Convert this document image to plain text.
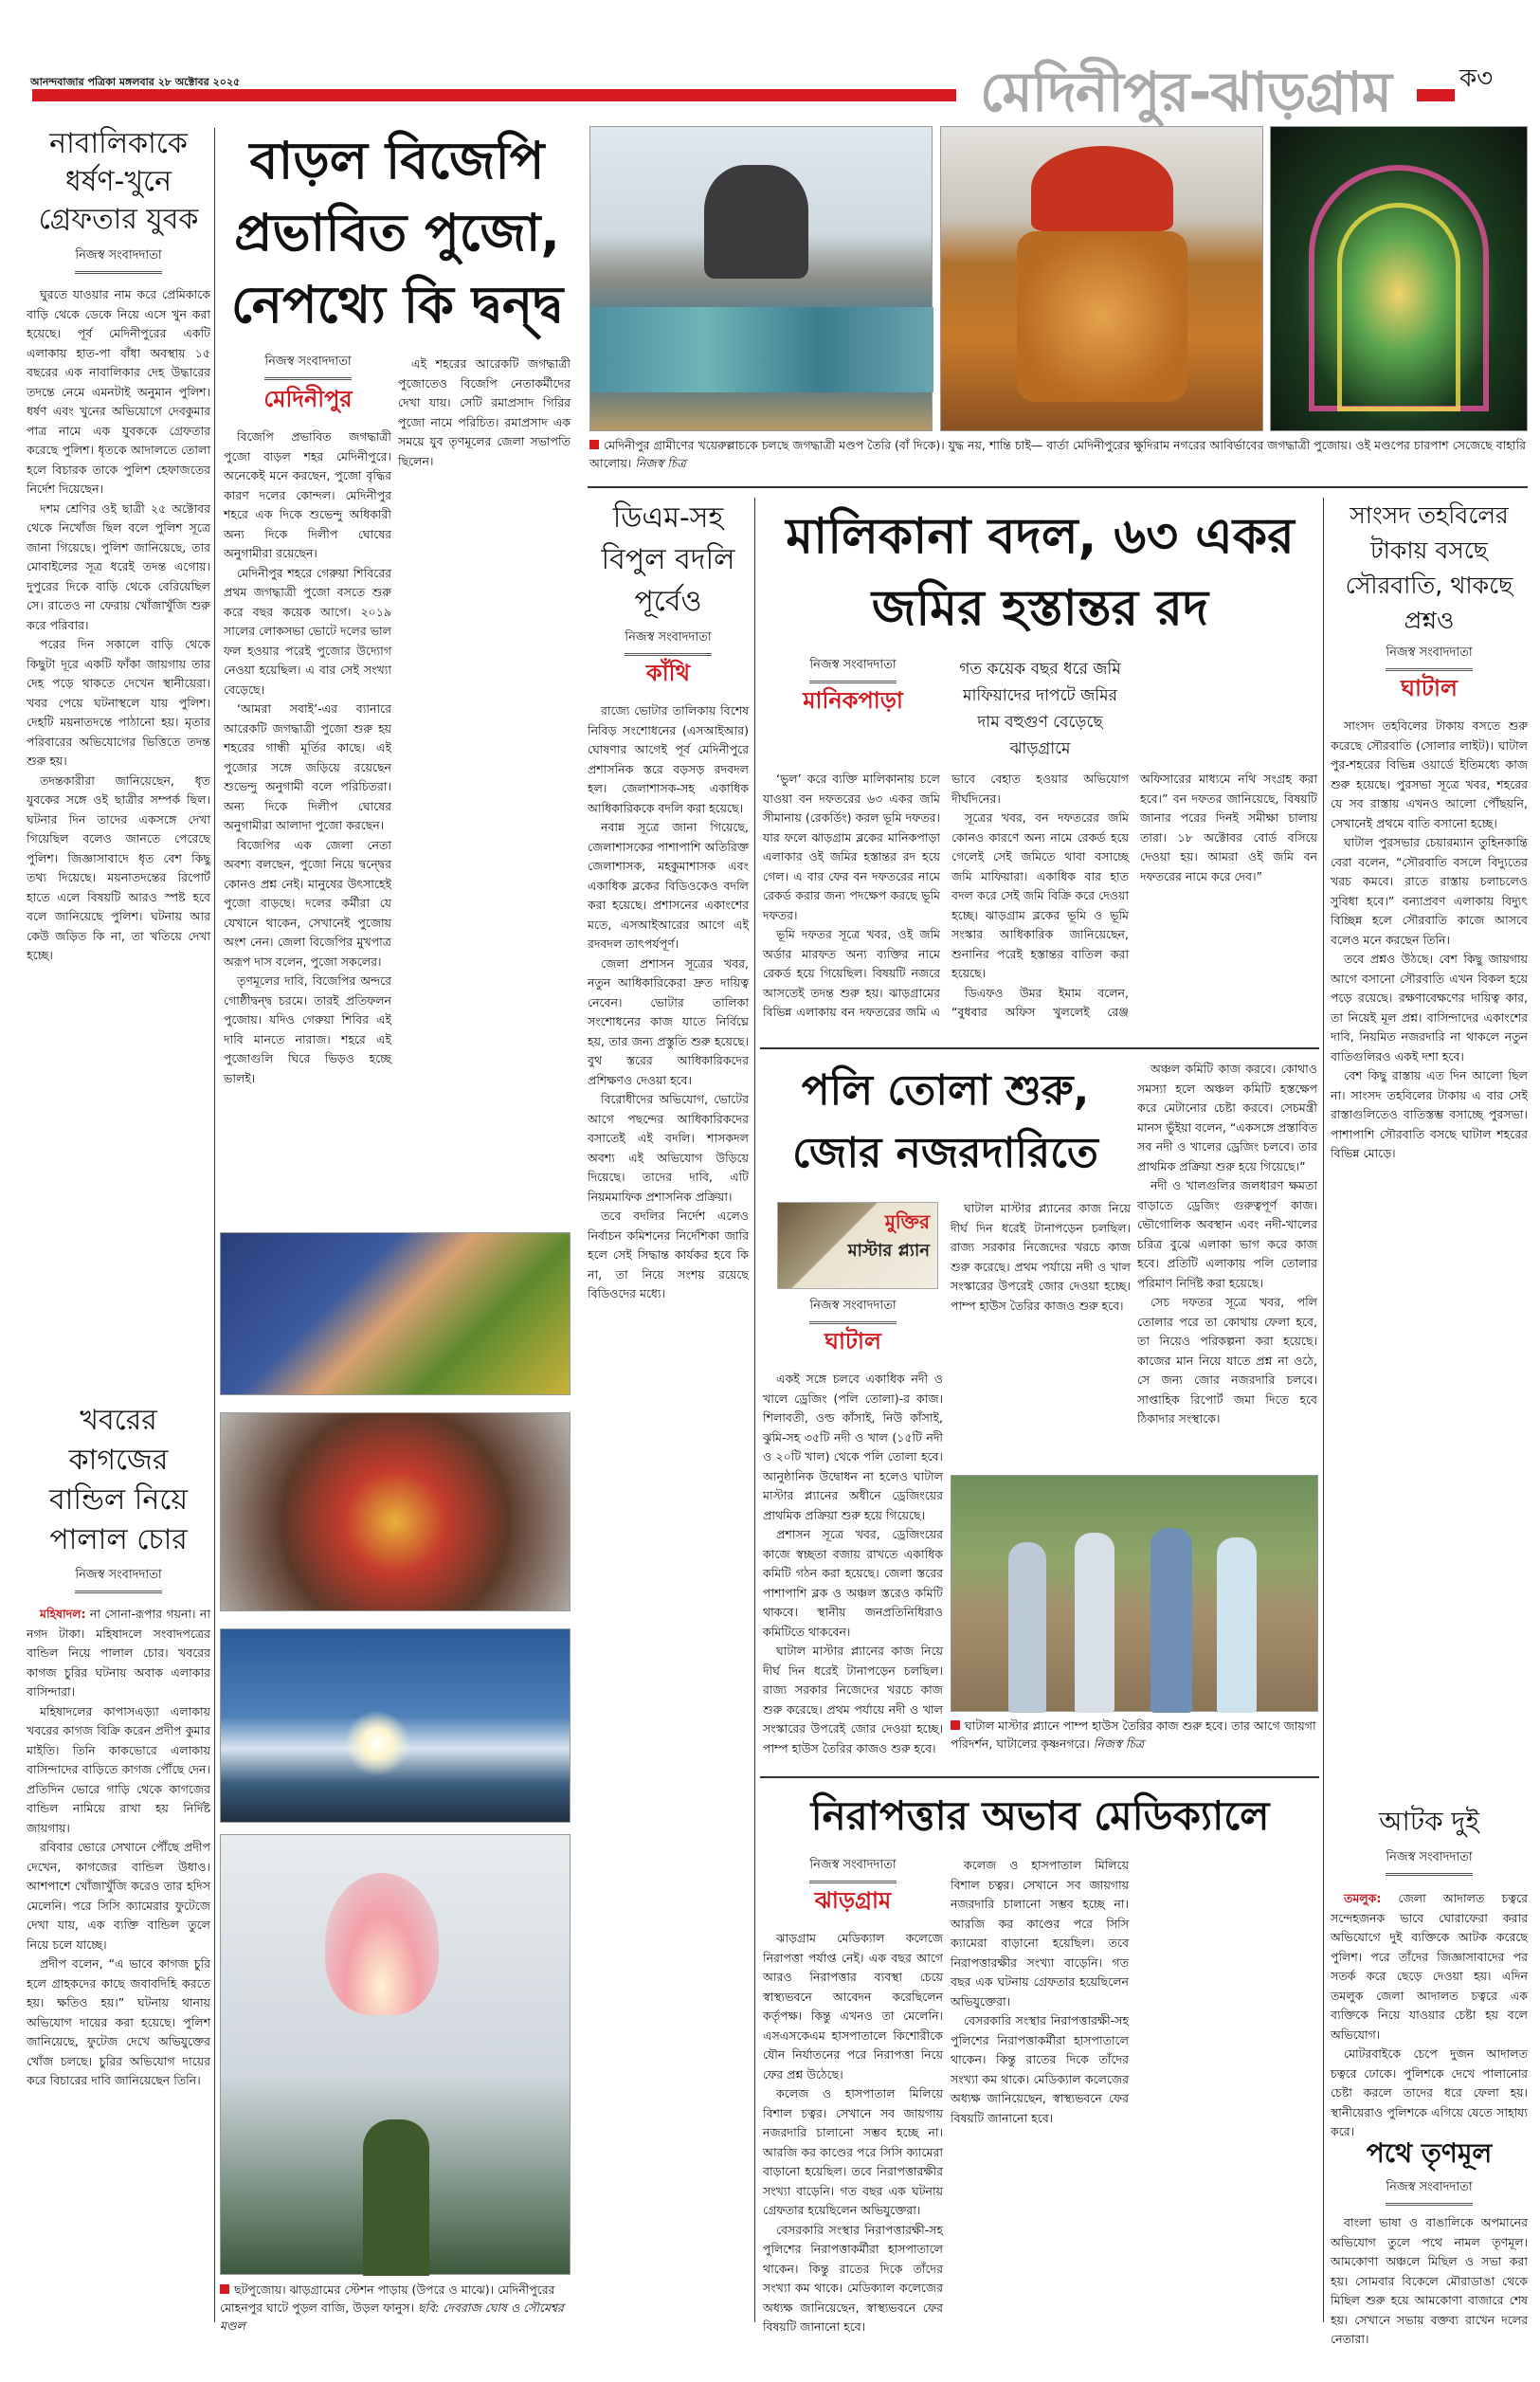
আনন্দবাজার পত্রিকা মঙ্গলবার ২৮ অক্টোবর ২০২৫	মেদিনীপুর-ঝাড়গ্রাম	ক৩
নাবালিকাকে ধর্ষণ-খুনে গ্রেফতার যুবক
নিজস্ব সংবাদদাতা

ঘুরতে যাওয়ার নাম করে প্রেমিকাকে বাড়ি থেকে ডেকে নিয়ে এসে খুন করা হয়েছে। পূর্ব মেদিনীপুরের একটি এলাকায় হাত-পা বাঁধা অবস্থায় ১৫ বছরের এক নাবালিকার দেহ উদ্ধারের তদন্তে নেমে এমনটাই অনুমান পুলিশ। ধর্ষণ এবং খুনের অভিযোগে দেবকুমার পাত্র নামে এক যুবককে গ্রেফতার করেছে পুলিশ। ধৃতকে আদালতে তোলা হলে বিচারক তাকে পুলিশ হেফাজতের নির্দেশ দিয়েছেন।

দশম শ্রেণির ওই ছাত্রী ২৫ অক্টোবর থেকে নিখোঁজ ছিল বলে পুলিশ সূত্রে জানা গিয়েছে। পুলিশ জানিয়েছে, তার মোবাইলের সূত্র ধরেই তদন্ত এগোয়। দুপুরের দিকে বাড়ি থেকে বেরিয়েছিল সে। রাতেও না ফেরায় খোঁজাখুঁজি শুরু করে পরিবার।

পরের দিন সকালে বাড়ি থেকে কিছুটা দূরে একটি ফাঁকা জায়গায় তার দেহ পড়ে থাকতে দেখেন স্থানীয়েরা। খবর পেয়ে ঘটনাস্থলে যায় পুলিশ। দেহটি ময়নাতদন্তে পাঠানো হয়। মৃতার পরিবারের অভিযোগের ভিত্তিতে তদন্ত শুরু হয়।

তদন্তকারীরা জানিয়েছেন, ধৃত যুবকের সঙ্গে ওই ছাত্রীর সম্পর্ক ছিল। ঘটনার দিন তাদের একসঙ্গে দেখা গিয়েছিল বলেও জানতে পেরেছে পুলিশ। জিজ্ঞাসাবাদে ধৃত বেশ কিছু তথ্য দিয়েছে। ময়নাতদন্তের রিপোর্ট হাতে এলে বিষয়টি আরও স্পষ্ট হবে বলে জানিয়েছে পুলিশ। ঘটনায় আর কেউ জড়িত কি না, তা খতিয়ে দেখা হচ্ছে।

বাড়ল বিজেপি প্রভাবিত পুজো, নেপথ্যে কি দ্বন্দ্ব
নিজস্ব সংবাদদাতা
মেদিনীপুর

এই শহরের আরেকটি জগদ্ধাত্রী পুজোতেও বিজেপি নেতাকর্মীদের দেখা যায়। সেটি রমাপ্রসাদ গিরির পুজো নামে পরিচিত। রমাপ্রসাদ এক সময়ে যুব তৃণমূলের জেলা সভাপতি ছিলেন।

বিজেপি প্রভাবিত জগদ্ধাত্রী পুজো বাড়ল শহর মেদিনীপুরে। অনেকেই মনে করছেন, পুজো বৃদ্ধির কারণ দলের কোন্দল। মেদিনীপুর শহরে এক দিকে শুভেন্দু অধিকারী অন্য দিকে দিলীপ ঘোষের অনুগামীরা রয়েছেন।

মেদিনীপুর শহরে গেরুয়া শিবিরের প্রথম জগদ্ধাত্রী পুজো বসতে শুরু করে বছর কয়েক আগে। ২০১৯ সালের লোকসভা ভোটে দলের ভাল ফল হওয়ার পরেই পুজোর উদ্যোগ নেওয়া হয়েছিল। এ বার সেই সংখ্যা বেড়েছে।

‘আমরা সবাই’-এর ব্যানারে আরেকটি জগদ্ধাত্রী পুজো শুরু হয় শহরের গান্ধী মূর্তির কাছে। এই পুজোর সঙ্গে জড়িয়ে রয়েছেন শুভেন্দু অনুগামী বলে পরিচিতরা। অন্য দিকে দিলীপ ঘোষের অনুগামীরা আলাদা পুজো করছেন।

বিজেপির এক জেলা নেতা অবশ্য বলছেন, পুজো নিয়ে দ্বন্দ্বের কোনও প্রশ্ন নেই। মানুষের উৎসাহেই পুজো বাড়ছে। দলের কর্মীরা যে যেখানে থাকেন, সেখানেই পুজোয় অংশ নেন। জেলা বিজেপির মুখপাত্র অরূপ দাস বলেন, পুজো সকলের।

তৃণমূলের দাবি, বিজেপির অন্দরে গোষ্ঠীদ্বন্দ্ব চরমে। তারই প্রতিফলন পুজোয়। যদিও গেরুয়া শিবির এই দাবি মানতে নারাজ। শহরে এই পুজোগুলি ঘিরে ভিড়ও হচ্ছে ভালই।

মেদিনীপুর গ্রামীণের খয়েরুল্লাচকে চলছে জগদ্ধাত্রী মণ্ডপ তৈরি (বাঁ দিকে)। যুদ্ধ নয়, শান্তি চাই— বার্তা মেদিনীপুরের ক্ষুদিরাম নগরের আবির্ভাবের জগদ্ধাত্রী পুজোয়। ওই মণ্ডপের চারপাশ সেজেছে বাহারি আলোয়। নিজস্ব চিত্র
ডিএম-সহ বিপুল বদলি পূর্বেও
নিজস্ব সংবাদদাতা
কাঁথি

রাজ্যে ভোটার তালিকায় বিশেষ নিবিড় সংশোধনের (এসআইআর) ঘোষণার আগেই পূর্ব মেদিনীপুরে প্রশাসনিক স্তরে বড়সড় রদবদল হল। জেলাশাসক-সহ একাধিক আধিকারিককে বদলি করা হয়েছে।

নবান্ন সূত্রে জানা গিয়েছে, জেলাশাসকের পাশাপাশি অতিরিক্ত জেলাশাসক, মহকুমাশাসক এবং একাধিক ব্লকের বিডিওকেও বদলি করা হয়েছে। প্রশাসনের একাংশের মতে, এসআইআরের আগে এই রদবদল তাৎপর্যপূর্ণ।

জেলা প্রশাসন সূত্রের খবর, নতুন আধিকারিকেরা দ্রুত দায়িত্ব নেবেন। ভোটার তালিকা সংশোধনের কাজ যাতে নির্বিঘ্নে হয়, তার জন্য প্রস্তুতি শুরু হয়েছে। বুথ স্তরের আধিকারিকদের প্রশিক্ষণও দেওয়া হবে।

বিরোধীদের অভিযোগ, ভোটের আগে পছন্দের আধিকারিকদের বসাতেই এই বদলি। শাসকদল অবশ্য এই অভিযোগ উড়িয়ে দিয়েছে। তাদের দাবি, এটি নিয়মমাফিক প্রশাসনিক প্রক্রিয়া।

তবে বদলির নির্দেশ এলেও নির্বাচন কমিশনের নির্দেশিকা জারি হলে সেই সিদ্ধান্ত কার্যকর হবে কি না, তা নিয়ে সংশয় রয়েছে বিডিওদের মধ্যে।

মালিকানা বদল, ৬৩ একর জমির হস্তান্তর রদ
নিজস্ব সংবাদদাতা
মানিকপাড়া
গত কয়েক বছর ধরে জমি মাফিয়াদের দাপটে জমির দাম বহুগুণ বেড়েছে ঝাড়গ্রামে

‘ভুল’ করে ব্যক্তি মালিকানায় চলে যাওয়া বন দফতরের ৬৩ একর জমি সীমানায় (রেকর্ডিং) করল ভূমি দফতর। যার ফলে ঝাড়গ্রাম ব্লকের মানিকপাড়া এলাকার ওই জমির হস্তান্তর রদ হয়ে গেল। এ বার ফের বন দফতরের নামে রেকর্ড করার জন্য পদক্ষেপ করছে ভূমি দফতর।

ভূমি দফতর সূত্রে খবর, ওই জমি অর্ডার মারফত অন্য ব্যক্তির নামে রেকর্ড হয়ে গিয়েছিল। বিষয়টি নজরে আসতেই তদন্ত শুরু হয়। ঝাড়গ্রামের বিভিন্ন এলাকায় বন দফতরের জমি এ ভাবে বেহাত হওয়ার অভিযোগ দীর্ঘদিনের।

সূত্রের খবর, বন দফতরের জমি কোনও কারণে অন্য নামে রেকর্ড হয়ে গেলেই সেই জমিতে থাবা বসাচ্ছে জমি মাফিয়ারা। একাধিক বার হাত বদল করে সেই জমি বিক্রি করে দেওয়া হচ্ছে। ঝাড়গ্রাম ব্লকের ভূমি ও ভূমি সংস্কার আধিকারিক জানিয়েছেন, শুনানির পরেই হস্তান্তর বাতিল করা হয়েছে।

ডিএফও উমর ইমাম বলেন, “বুধবার অফিস খুললেই রেঞ্জ অফিসারের মাধ্যমে নথি সংগ্রহ করা হবে।” বন দফতর জানিয়েছে, বিষয়টি জানার পরের দিনই সমীক্ষা চালায় তারা। ১৮ অক্টোবর বোর্ড বসিয়ে দেওয়া হয়। আমরা ওই জমি বন দফতরের নামে করে দেব।”

সাংসদ তহবিলের টাকায় বসছে সৌরবাতি, থাকছে প্রশ্নও
নিজস্ব সংবাদদাতা
ঘাটাল

সাংসদ তহবিলের টাকায় বসতে শুরু করেছে সৌরবাতি (সোলার লাইট)। ঘাটাল পুর-শহরের বিভিন্ন ওয়ার্ডে ইতিমধ্যে কাজ শুরু হয়েছে। পুরসভা সূত্রে খবর, শহরের যে সব রাস্তায় এখনও আলো পৌঁছয়নি, সেখানেই প্রথমে বাতি বসানো হচ্ছে।

ঘাটাল পুরসভার চেয়ারম্যান তুহিনকান্তি বেরা বলেন, “সৌরবাতি বসলে বিদ্যুতের খরচ কমবে। রাতে রাস্তায় চলাচলেও সুবিধা হবে।” বন্যাপ্রবণ এলাকায় বিদ্যুৎ বিচ্ছিন্ন হলে সৌরবাতি কাজে আসবে বলেও মনে করছেন তিনি।

তবে প্রশ্নও উঠছে। বেশ কিছু জায়গায় আগে বসানো সৌরবাতি এখন বিকল হয়ে পড়ে রয়েছে। রক্ষণাবেক্ষণের দায়িত্ব কার, তা নিয়েই মূল প্রশ্ন। বাসিন্দাদের একাংশের দাবি, নিয়মিত নজরদারি না থাকলে নতুন বাতিগুলিরও একই দশা হবে।

বেশ কিছু রাস্তায় এত দিন আলো ছিল না। সাংসদ তহবিলের টাকায় এ বার সেই রাস্তাগুলিতেও বাতিস্তম্ভ বসাচ্ছে পুরসভা। পাশাপাশি সৌরবাতি বসছে ঘাটাল শহরের বিভিন্ন মোড়ে।

পলি তোলা শুরু, জোর নজরদারিতে

অঞ্চল কমিটি কাজ করবে। কোথাও সমস্যা হলে অঞ্চল কমিটি হস্তক্ষেপ করে মেটানোর চেষ্টা করবে। সেচমন্ত্রী মানস ভুঁইয়া বলেন, “একসঙ্গে প্রস্তাবিত সব নদী ও খালের ড্রেজিং চলবে। তার প্রাথমিক প্রক্রিয়া শুরু হয়ে গিয়েছে।”

নদী ও খালগুলির জলধারণ ক্ষমতা বাড়াতে ড্রেজিং গুরুত্বপূর্ণ কাজ। ভৌগোলিক অবস্থান এবং নদী-খালের চরিত্র বুঝে এলাকা ভাগ করে কাজ হবে। প্রতিটি এলাকায় পলি তোলার পরিমাণ নির্দিষ্ট করা হয়েছে।

সেচ দফতর সূত্রে খবর, পলি তোলার পরে তা কোথায় ফেলা হবে, তা নিয়েও পরিকল্পনা করা হয়েছে। কাজের মান নিয়ে যাতে প্রশ্ন না ওঠে, সে জন্য জোর নজরদারি চলবে। সাপ্তাহিক রিপোর্ট জমা দিতে হবে ঠিকাদার সংস্থাকে।

মুক্তির
মাস্টার প্ল্যান
নিজস্ব সংবাদদাতা
ঘাটাল

একই সঙ্গে চলবে একাধিক নদী ও খালে ড্রেজিং (পলি তোলা)-র কাজ। শিলাবতী, ওল্ড কাঁসাই, নিউ কাঁসাই, ঝুমি-সহ ৩৫টি নদী ও খাল (১৫টি নদী ও ২০টি খাল) থেকে পলি তোলা হবে।আনুষ্ঠানিক উদ্বোধন না হলেও ঘাটাল মাস্টার প্ল্যানের অধীনে ড্রেজিংয়ের প্রাথমিক প্রক্রিয়া শুরু হয়ে গিয়েছে।

প্রশাসন সূত্রে খবর, ড্রেজিংয়ের কাজে স্বচ্ছতা বজায় রাখতে একাধিক কমিটি গঠন করা হয়েছে। জেলা স্তরের পাশাপাশি ব্লক ও অঞ্চল স্তরেও কমিটি থাকবে। স্থানীয় জনপ্রতিনিধিরাও কমিটিতে থাকবেন।

ঘাটাল মাস্টার প্ল্যানের কাজ নিয়ে দীর্ঘ দিন ধরেই টানাপড়েন চলছিল। রাজ্য সরকার নিজেদের খরচে কাজ শুরু করেছে। প্রথম পর্যায়ে নদী ও খাল সংস্কারের উপরেই জোর দেওয়া হচ্ছে। পাম্প হাউস তৈরির কাজও শুরু হবে।

ঘাটাল মাস্টার প্ল্যানের কাজ নিয়ে দীর্ঘ দিন ধরেই টানাপড়েন চলছিল। রাজ্য সরকার নিজেদের খরচে কাজ শুরু করেছে। প্রথম পর্যায়ে নদী ও খাল সংস্কারের উপরেই জোর দেওয়া হচ্ছে। পাম্প হাউস তৈরির কাজও শুরু হবে।

ঘাটাল মাস্টার প্ল্যানে পাম্প হাউস তৈরির কাজ শুরু হবে। তার আগে জায়গা পরিদর্শন, ঘাটালের কৃষ্ণনগরে। নিজস্ব চিত্র
নিরাপত্তার অভাব মেডিক্যালে
নিজস্ব সংবাদদাতা
ঝাড়গ্রাম

ঝাড়গ্রাম মেডিক্যাল কলেজে নিরাপত্তা পর্যাপ্ত নেই। এক বছর আগে আরও নিরাপত্তার ব্যবস্থা চেয়ে স্বাস্থ্যভবনে আবেদন করেছিলেন কর্তৃপক্ষ। কিন্তু এখনও তা মেলেনি। এসএসকেএম হাসপাতালে কিশোরীকে যৌন নির্যাতনের পরে নিরাপত্তা নিয়ে ফের প্রশ্ন উঠেছে।

কলেজ ও হাসপাতাল মিলিয়ে বিশাল চত্বর। সেখানে সব জায়গায় নজরদারি চালানো সম্ভব হচ্ছে না। আরজি কর কাণ্ডের পরে সিসি ক্যামেরা বাড়ানো হয়েছিল। তবে নিরাপত্তারক্ষীর সংখ্যা বাড়েনি। গত বছর এক ঘটনায় গ্রেফতার হয়েছিলেন অভিযুক্তেরা।

বেসরকারি সংস্থার নিরাপত্তারক্ষী-সহ পুলিশের নিরাপত্তাকর্মীরা হাসপাতালে থাকেন। কিন্তু রাতের দিকে তাঁদের সংখ্যা কম থাকে। মেডিক্যাল কলেজের অধ্যক্ষ জানিয়েছেন, স্বাস্থ্যভবনে ফের বিষয়টি জানানো হবে।

কলেজ ও হাসপাতাল মিলিয়ে বিশাল চত্বর। সেখানে সব জায়গায় নজরদারি চালানো সম্ভব হচ্ছে না। আরজি কর কাণ্ডের পরে সিসি ক্যামেরা বাড়ানো হয়েছিল। তবে নিরাপত্তারক্ষীর সংখ্যা বাড়েনি। গত বছর এক ঘটনায় গ্রেফতার হয়েছিলেন অভিযুক্তেরা।

বেসরকারি সংস্থার নিরাপত্তারক্ষী-সহ পুলিশের নিরাপত্তাকর্মীরা হাসপাতালে থাকেন। কিন্তু রাতের দিকে তাঁদের সংখ্যা কম থাকে। মেডিক্যাল কলেজের অধ্যক্ষ জানিয়েছেন, স্বাস্থ্যভবনে ফের বিষয়টি জানানো হবে।

আটক দুই
নিজস্ব সংবাদদাতা

তমলুক: জেলা আদালত চত্বরে সন্দেহজনক ভাবে ঘোরাফেরা করার অভিযোগে দুই ব্যক্তিকে আটক করেছে পুলিশ। পরে তাঁদের জিজ্ঞাসাবাদের পর সতর্ক করে ছেড়ে দেওয়া হয়। এদিন তমলুক জেলা আদালত চত্বরে এক ব্যক্তিকে নিয়ে যাওয়ার চেষ্টা হয় বলে অভিযোগ।

মোটরবাইকে চেপে দুজন আদালত চত্বরে ঢোকে। পুলিশকে দেখে পালানোর চেষ্টা করলে তাদের ধরে ফেলা হয়। স্থানীয়েরাও পুলিশকে এগিয়ে যেতে সাহায্য করে।

পথে তৃণমূল
নিজস্ব সংবাদদাতা

বাংলা ভাষা ও বাঙালিকে অপমানের অভিযোগ তুলে পথে নামল তৃণমূল। আমকোণা অঞ্চলে মিছিল ও সভা করা হয়। সোমবার বিকেলে মৌরাডাঙা থেকে মিছিল শুরু হয়ে আমকোণা বাজারে শেষ হয়। সেখানে সভায় বক্তব্য রাখেন দলের নেতারা।

ছটপুজোয়। ঝাড়গ্রামের স্টেশন পাড়ায় (উপরে ও মাঝে)। মেদিনীপুরের মোহনপুর ঘাটে পুড়ল বাজি, উড়ল ফানুস। ছবি: দেবরাজ ঘোষ ও সৌমেশ্বর মণ্ডল
খবরের কাগজের বান্ডিল নিয়ে পালাল চোর
নিজস্ব সংবাদদাতা

মহিষাদল: না সোনা-রূপার গয়না। না নগদ টাকা। মহিষাদলে সংবাদপত্রের বান্ডিল নিয়ে পালাল চোর। খবরের কাগজ চুরির ঘটনায় অবাক এলাকার বাসিন্দারা।

মহিষাদলের কাপাসএড়্যা এলাকায় খবরের কাগজ বিক্রি করেন প্রদীপ কুমার মাইতি। তিনি কাকভোরে এলাকায় বাসিন্দাদের বাড়িতে কাগজ পৌঁছে দেন। প্রতিদিন ভোরে গাড়ি থেকে কাগজের বান্ডিল নামিয়ে রাখা হয় নির্দিষ্ট জায়গায়।

রবিবার ভোরে সেখানে পৌঁছে প্রদীপ দেখেন, কাগজের বান্ডিল উধাও। আশপাশে খোঁজাখুঁজি করেও তার হদিস মেলেনি। পরে সিসি ক্যামেরার ফুটেজে দেখা যায়, এক ব্যক্তি বান্ডিল তুলে নিয়ে চলে যাচ্ছে।

প্রদীপ বলেন, “এ ভাবে কাগজ চুরি হলে গ্রাহকদের কাছে জবাবদিহি করতে হয়। ক্ষতিও হয়।” ঘটনায় থানায় অভিযোগ দায়ের করা হয়েছে। পুলিশ জানিয়েছে, ফুটেজ দেখে অভিযুক্তের খোঁজ চলছে। চুরির অভিযোগ দায়ের করে বিচারের দাবি জানিয়েছেন তিনি।
